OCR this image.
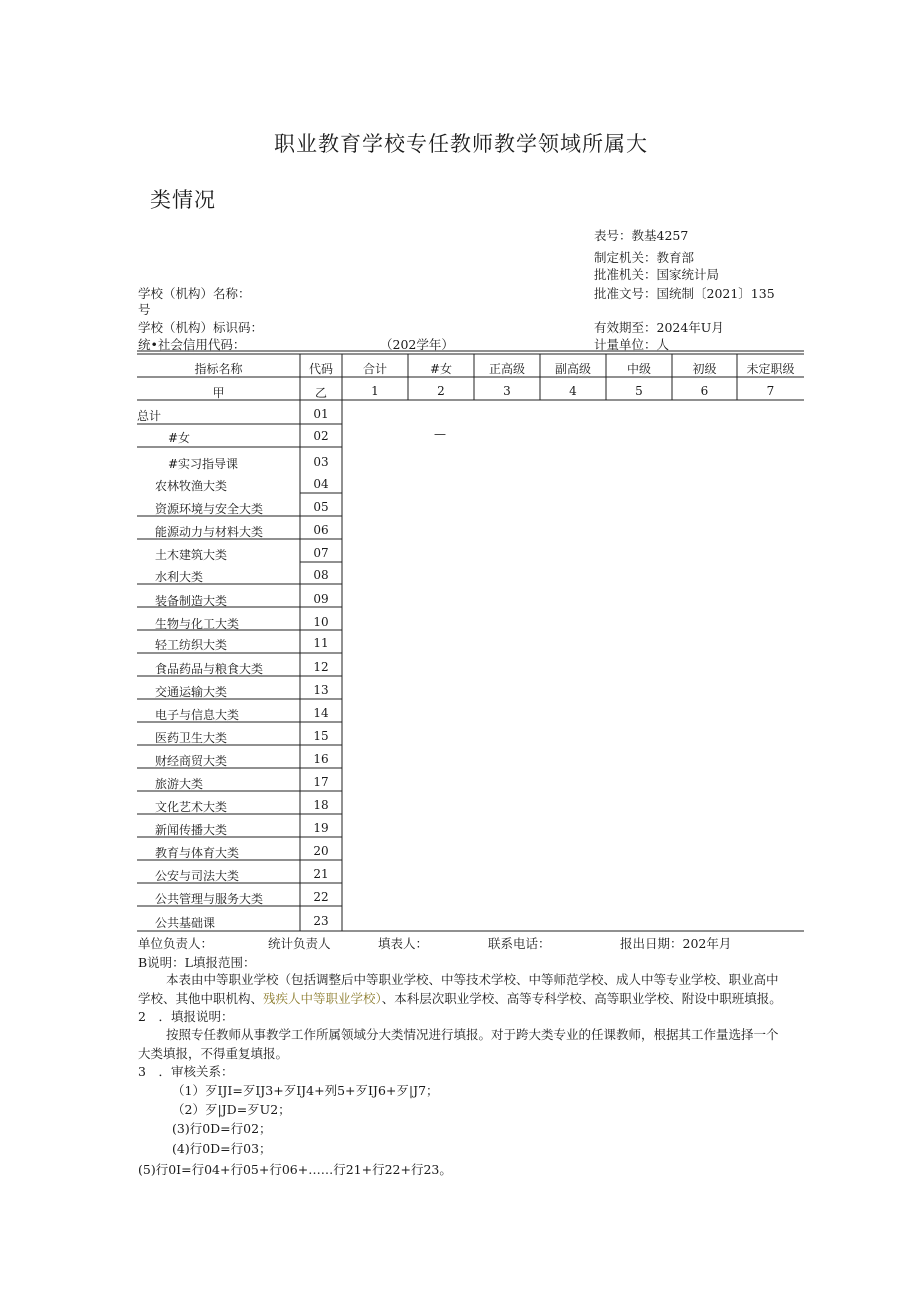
职业教育学校专任教师教学领域所属大
类情况
表号：教基4257
制定机关：教育部
批准机关：国家统计局
学校（机构）名称：	批准文号：国统制〔2021〕135
号
学校（机构）标识码：	有效期至：2024年U月
统•社会信用代码：	（202学年）	计量单位：人
指标名称	代码	合计	#女	正高级	副高级	中级	初级	未定职级
甲	乙	1	2	3	4	5	6	7
总计	01
#女	02	—
#实习指导课	03
农林牧渔大类	04
资源环境与安全大类	05
能源动力与材料大类	06
土木建筑大类	07
水利大类	08
装备制造大类	09
生物与化工大类	10
轻工纺织大类	11
食品药品与粮食大类	12
交通运输大类	13
电子与信息大类	14
医药卫生大类	15
财经商贸大类	16
旅游大类	17
文化艺术大类	18
新闻传播大类	19
教育与体育大类	20
公安与司法大类	21
公共管理与服务大类	22
公共基础课	23
单位负责人：	统计负责人	填表人：	联系电话：	报出日期：202年月
B说明：L填报范围：
本表由中等职业学校（包括调整后中等职业学校、中等技术学校、中等师范学校、成人中等专业学校、职业高中
学校、其他中职机构、残疾人中等职业学校）、本科层次职业学校、高等专科学校、高等职业学校、附设中职班填报。
2　．填报说明：
按照专任教师从事教学工作所属领域分大类情况进行填报。对于跨大类专业的任课教师，根据其工作量选择一个
大类填报，不得重复填报。
3　．审核关系：
（1）歹IJI=歹IJ3+歹IJ4+列5+歹IJ6+歹|J7；
（2）歹|JD=歹U2；
(3)行0D=行02；
(4)行0D=行03；
(5)行0I=行04+行05+行06+……行21+行22+行23。
